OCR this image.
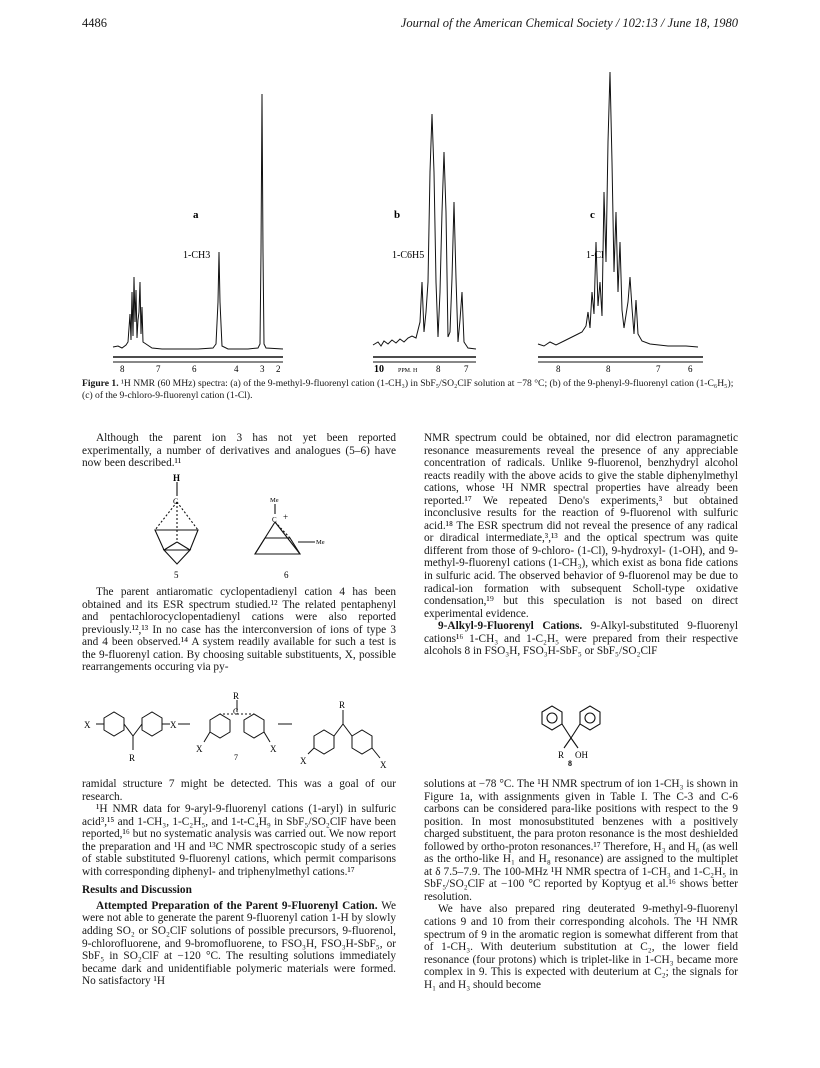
4486	Journal of the American Chemical Society / 102:13 / June 18, 1980
a
1-CH3
8	7	6	4 3 2
b
1-C6H5
10 PPM, H 8	7
c
1-Cl
8	8	7	6
Figure 1. ¹H NMR (60 MHz) spectra: (a) of the 9-methyl-9-fluorenyl cation (1-CH₃) in SbF₅/SO₂ClF solution at −78 °C; (b) of the 9-phenyl-9-fluorenyl cation (1-C₆H₅); (c) of the 9-chloro-9-fluorenyl cation (1-Cl).

Although the parent ion 3 has not yet been reported experimentally, a number of derivatives and analogues (5–6) have now been described.¹¹

H
C
5
Me
C +
Me
6

The parent antiaromatic cyclopentadienyl cation 4 has been obtained and its ESR spectrum studied.¹² The related pentaphenyl and pentachlorocyclopentadienyl cations were also reported previously.¹²,¹³ In no case has the interconversion of ions of type 3 and 4 been observed.¹⁴ A system readily available for such a test is the 9-fluorenyl cation. By choosing suitable substituents, X, possible rearrangements occuring via py-

X	X
R
R
C
X	X
7
R
X	X

ramidal structure 7 might be detected. This was a goal of our research.

¹H NMR data for 9-aryl-9-fluorenyl cations (1-aryl) in sulfuric acid³,¹⁵ and 1-CH₃, 1-C₂H₅, and 1-t-C₄H₉ in SbF₅/SO₂ClF have been reported,¹⁶ but no systematic analysis was carried out. We now report the preparation and ¹H and ¹³C NMR spectroscopic study of a series of stable substituted 9-fluorenyl cations, which permit comparisons with corresponding diphenyl- and triphenylmethyl cations.¹⁷

Results and Discussion

Attempted Preparation of the Parent 9-Fluorenyl Cation. We were not able to generate the parent 9-fluorenyl cation 1-H by slowly adding SO₂ or SO₂ClF solutions of possible precursors, 9-fluorenol, 9-chlorofluorene, and 9-bromofluorene, to FSO₃H, FSO₃H-SbF₅, or SbF₅ in SO₂ClF at −120 °C. The resulting solutions immediately became dark and unidentifiable polymeric materials were formed. No satisfactory ¹H

NMR spectrum could be obtained, nor did electron paramagnetic resonance measurements reveal the presence of any appreciable concentration of radicals. Unlike 9-fluorenol, benzhydryl alcohol reacts readily with the above acids to give the stable diphenylmethyl cations, whose ¹H NMR spectral properties have already been reported.¹⁷ We repeated Deno's experiments,³ but obtained inconclusive results for the reaction of 9-fluorenol with sulfuric acid.¹⁸ The ESR spectrum did not reveal the presence of any radical or diradical intermediate,³,¹³ and the optical spectrum was quite different from those of 9-chloro- (1-Cl), 9-hydroxyl- (1-OH), and 9-methyl-9-fluorenyl cations (1-CH₃), which exist as bona fide cations in sulfuric acid. The observed behavior of 9-fluorenol may be due to radical-ion formation with subsequent Scholl-type oxidative condensation,¹⁹ but this speculation is not based on direct experimental evidence.

9-Alkyl-9-Fluorenyl Cations. 9-Alkyl-substituted 9-fluorenyl cations¹⁶ 1-CH₃ and 1-C₂H₅ were prepared from their respective alcohols 8 in FSO₃H, FSO₃H-SbF₅ or SbF₅/SO₂ClF

R OH
8

solutions at −78 °C. The ¹H NMR spectrum of ion 1-CH₃ is shown in Figure 1a, with assignments given in Table I. The C-3 and C-6 carbons can be considered para-like positions with respect to the 9 position. In most monosubstituted benzenes with a positively charged substituent, the para proton resonance is the most deshielded followed by ortho-proton resonances.¹⁷ Therefore, H₃ and H₆ (as well as the ortho-like H₁ and H₈ resonance) are assigned to the multiplet at δ 7.5–7.9. The 100-MHz ¹H NMR spectra of 1-CH₃ and 1-C₂H₅ in SbF₅/SO₂ClF at −100 °C reported by Koptyug et al.¹⁶ shows better resolution.

We have also prepared ring deuterated 9-methyl-9-fluorenyl cations 9 and 10 from their corresponding alcohols. The ¹H NMR spectrum of 9 in the aromatic region is somewhat different from that of 1-CH₃. With deuterium substitution at C₂, the lower field resonance (four protons) which is triplet-like in 1-CH₃ became more complex in 9. This is expected with deuterium at C₂; the signals for H₁ and H₃ should become
